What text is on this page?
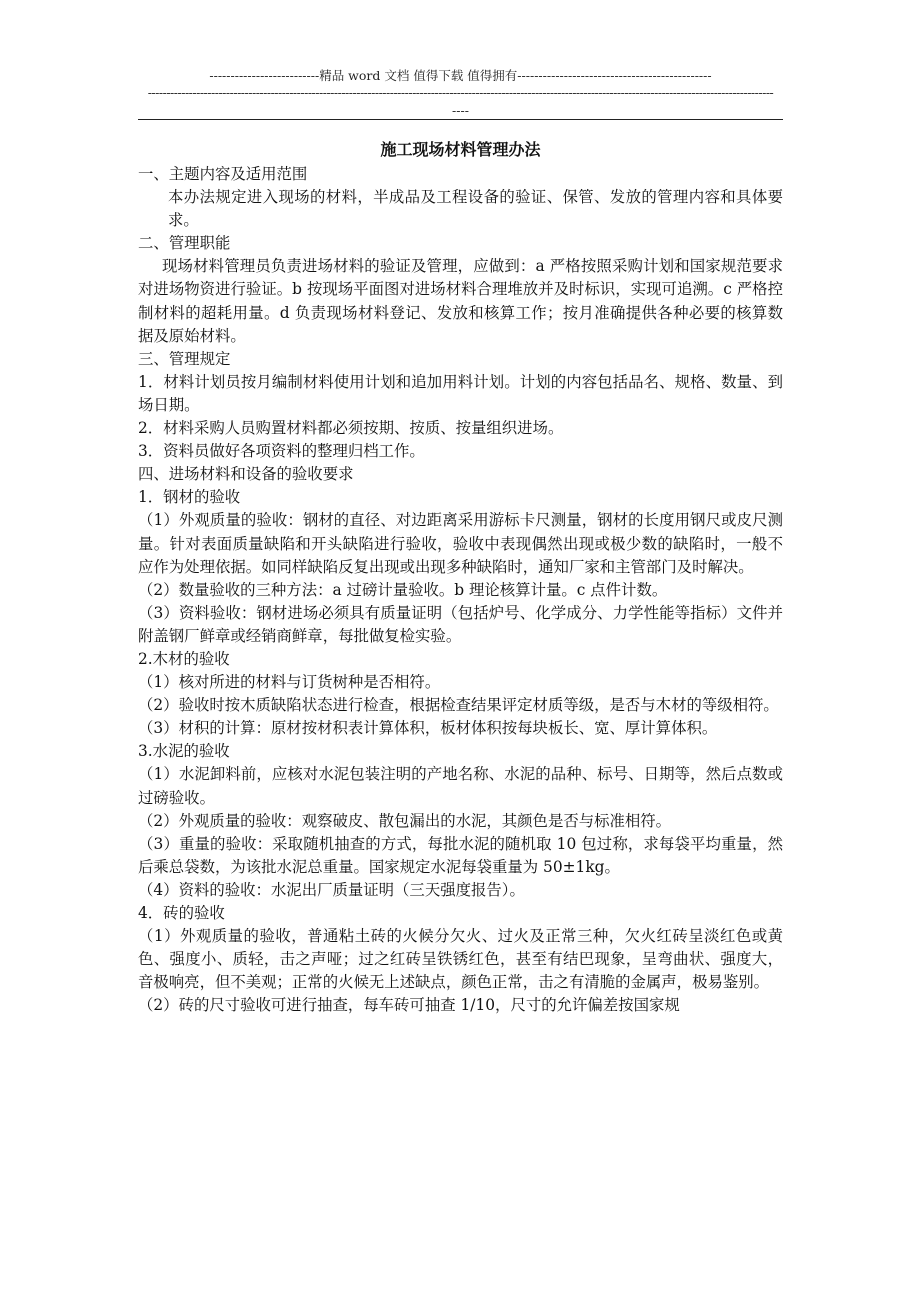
--------------------------精品 word 文档 值得下载 值得拥有----------------------------------------------
------------------------------------------------------------------------------------------------------------------------------------------------------------------------
----
施工现场材料管理办法

一、主题内容及适用范围

本办法规定进入现场的材料，半成品及工程设备的验证、保管、发放的管理内容和具体要求。

二、管理职能

现场材料管理员负责进场材料的验证及管理，应做到：a 严格按照采购计划和国家规范要求对进场物资进行验证。b 按现场平面图对进场材料合理堆放并及时标识，实现可追溯。c 严格控制材料的超耗用量。d 负责现场材料登记、发放和核算工作；按月准确提供各种必要的核算数据及原始材料。

三、管理规定

1．材料计划员按月编制材料使用计划和追加用料计划。计划的内容包括品名、规格、数量、到场日期。

2．材料采购人员购置材料都必须按期、按质、按量组织进场。

3．资料员做好各项资料的整理归档工作。

四、进场材料和设备的验收要求

1．钢材的验收

（1）外观质量的验收：钢材的直径、对边距离采用游标卡尺测量，钢材的长度用钢尺或皮尺测量。针对表面质量缺陷和开头缺陷进行验收，验收中表现偶然出现或极少数的缺陷时，一般不应作为处理依据。如同样缺陷反复出现或出现多种缺陷时，通知厂家和主管部门及时解决。

（2）数量验收的三种方法：a 过磅计量验收。b 理论核算计量。c 点件计数。

（3）资料验收：钢材进场必须具有质量证明（包括炉号、化学成分、力学性能等指标）文件并附盖钢厂鲜章或经销商鲜章，每批做复检实验。

2.木材的验收

（1）核对所进的材料与订货树种是否相符。

（2）验收时按木质缺陷状态进行检查，根据检查结果评定材质等级，是否与木材的等级相符。

（3）材积的计算：原材按材积表计算体积，板材体积按每块板长、宽、厚计算体积。

3.水泥的验收

（1）水泥卸料前，应核对水泥包装注明的产地名称、水泥的品种、标号、日期等，然后点数或过磅验收。

（2）外观质量的验收：观察破皮、散包漏出的水泥，其颜色是否与标准相符。

（3）重量的验收：采取随机抽查的方式，每批水泥的随机取 10 包过称，求每袋平均重量，然后乘总袋数，为该批水泥总重量。国家规定水泥每袋重量为 50±1kg。

（4）资料的验收：水泥出厂质量证明（三天强度报告）。

4．砖的验收

（1）外观质量的验收，普通粘土砖的火候分欠火、过火及正常三种，欠火红砖呈淡红色或黄色、强度小、质轻，击之声哑；过之红砖呈铁锈红色，甚至有结巴现象，呈弯曲状、强度大，音极响亮，但不美观；正常的火候无上述缺点，颜色正常，击之有清脆的金属声，极易鉴别。

（2）砖的尺寸验收可进行抽查，每车砖可抽查 1/10，尺寸的允许偏差按国家规
